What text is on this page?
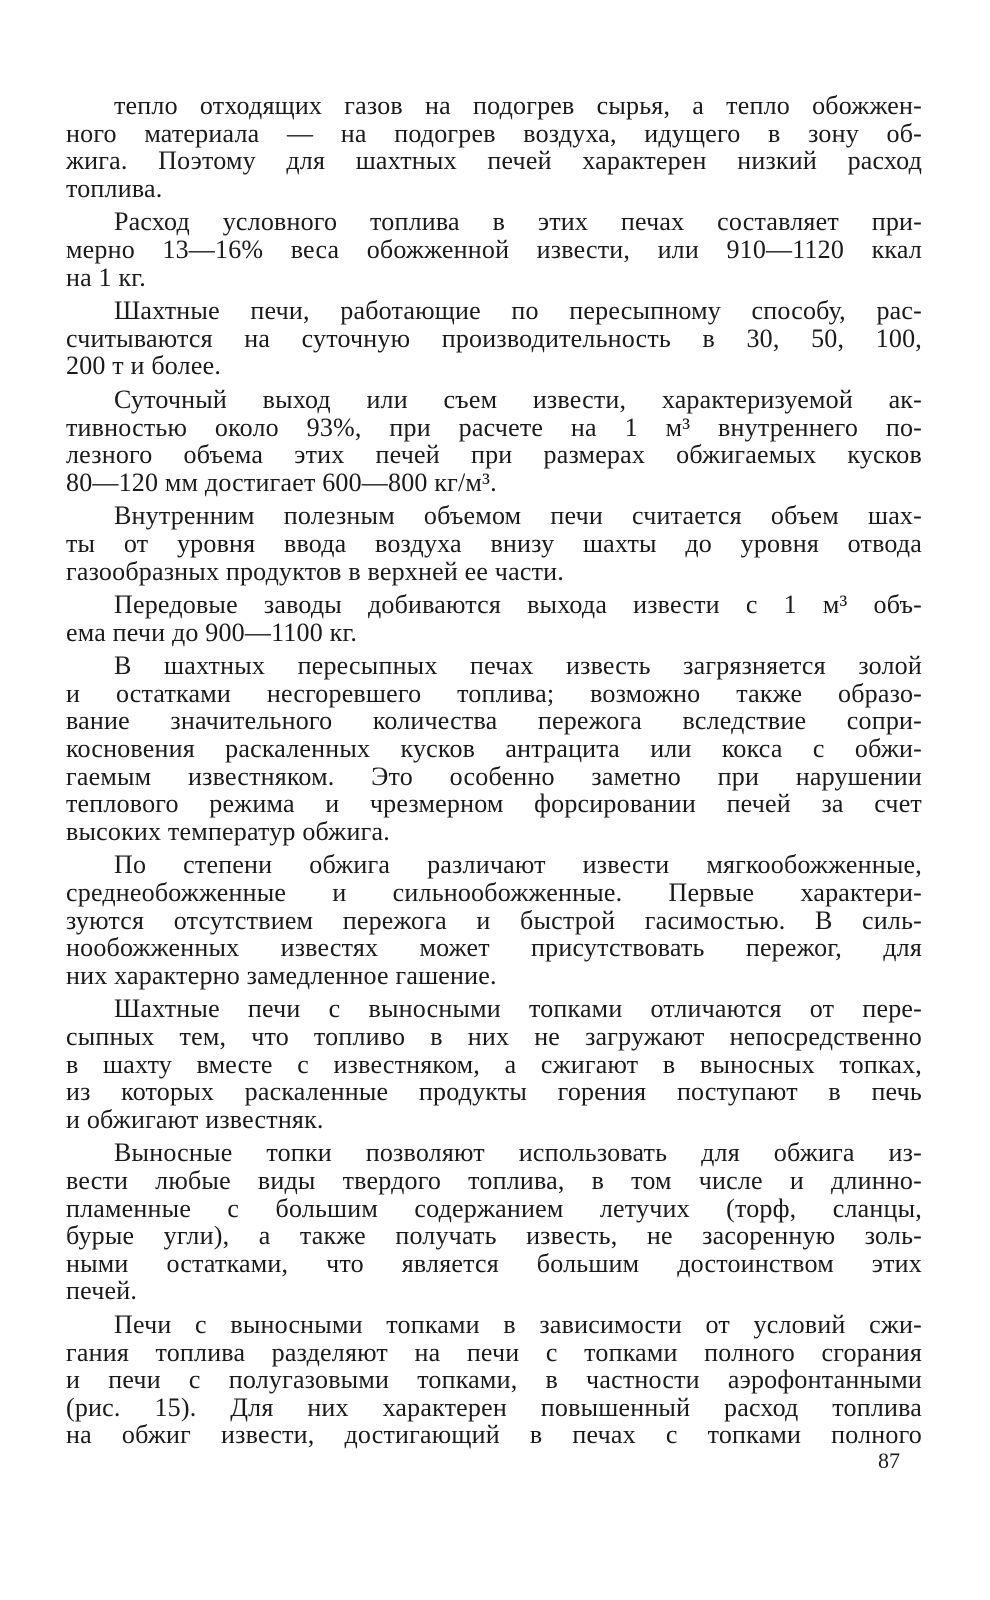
тепло отходящих газов на подогрев сырья, а тепло обожжен-
ного материала — на подогрев воздуха, идущего в зону об-
жига. Поэтому для шахтных печей характерен низкий расход
топлива.
Расход условного топлива в этих печах составляет при-
мерно 13—16% веса обожженной извести, или 910—1120 ккал
на 1 кг.
Шахтные печи, работающие по пересыпному способу, рас-
считываются на суточную производительность в 30, 50, 100,
200 т и более.
Суточный выход или съем извести, характеризуемой ак-
тивностью около 93%, при расчете на 1 м³ внутреннего по-
лезного объема этих печей при размерах обжигаемых кусков
80—120 мм достигает 600—800 кг/м³.
Внутренним полезным объемом печи считается объем шах-
ты от уровня ввода воздуха внизу шахты до уровня отвода
газообразных продуктов в верхней ее части.
Передовые заводы добиваются выхода извести с 1 м³ объ-
ема печи до 900—1100 кг.
В шахтных пересыпных печах известь загрязняется золой
и остатками несгоревшего топлива; возможно также образо-
вание значительного количества пережога вследствие сопри-
косновения раскаленных кусков антрацита или кокса с обжи-
гаемым известняком. Это особенно заметно при нарушении
теплового режима и чрезмерном форсировании печей за счет
высоких температур обжига.
По степени обжига различают извести мягкообожженные,
среднеобожженные и сильнообожженные. Первые характери-
зуются отсутствием пережога и быстрой гасимостью. В силь-
нообожженных известях может присутствовать пережог, для
них характерно замедленное гашение.
Шахтные печи с выносными топками отличаются от пере-
сыпных тем, что топливо в них не загружают непосредственно
в шахту вместе с известняком, а сжигают в выносных топках,
из которых раскаленные продукты горения поступают в печь
и обжигают известняк.
Выносные топки позволяют использовать для обжига из-
вести любые виды твердого топлива, в том числе и длинно-
пламенные с большим содержанием летучих (торф, сланцы,
бурые угли), а также получать известь, не засоренную золь-
ными остатками, что является большим достоинством этих
печей.
Печи с выносными топками в зависимости от условий сжи-
гания топлива разделяют на печи с топками полного сгорания
и печи с полугазовыми топками, в частности аэрофонтанными
(рис. 15). Для них характерен повышенный расход топлива
на обжиг извести, достигающий в печах с топками полного
87
